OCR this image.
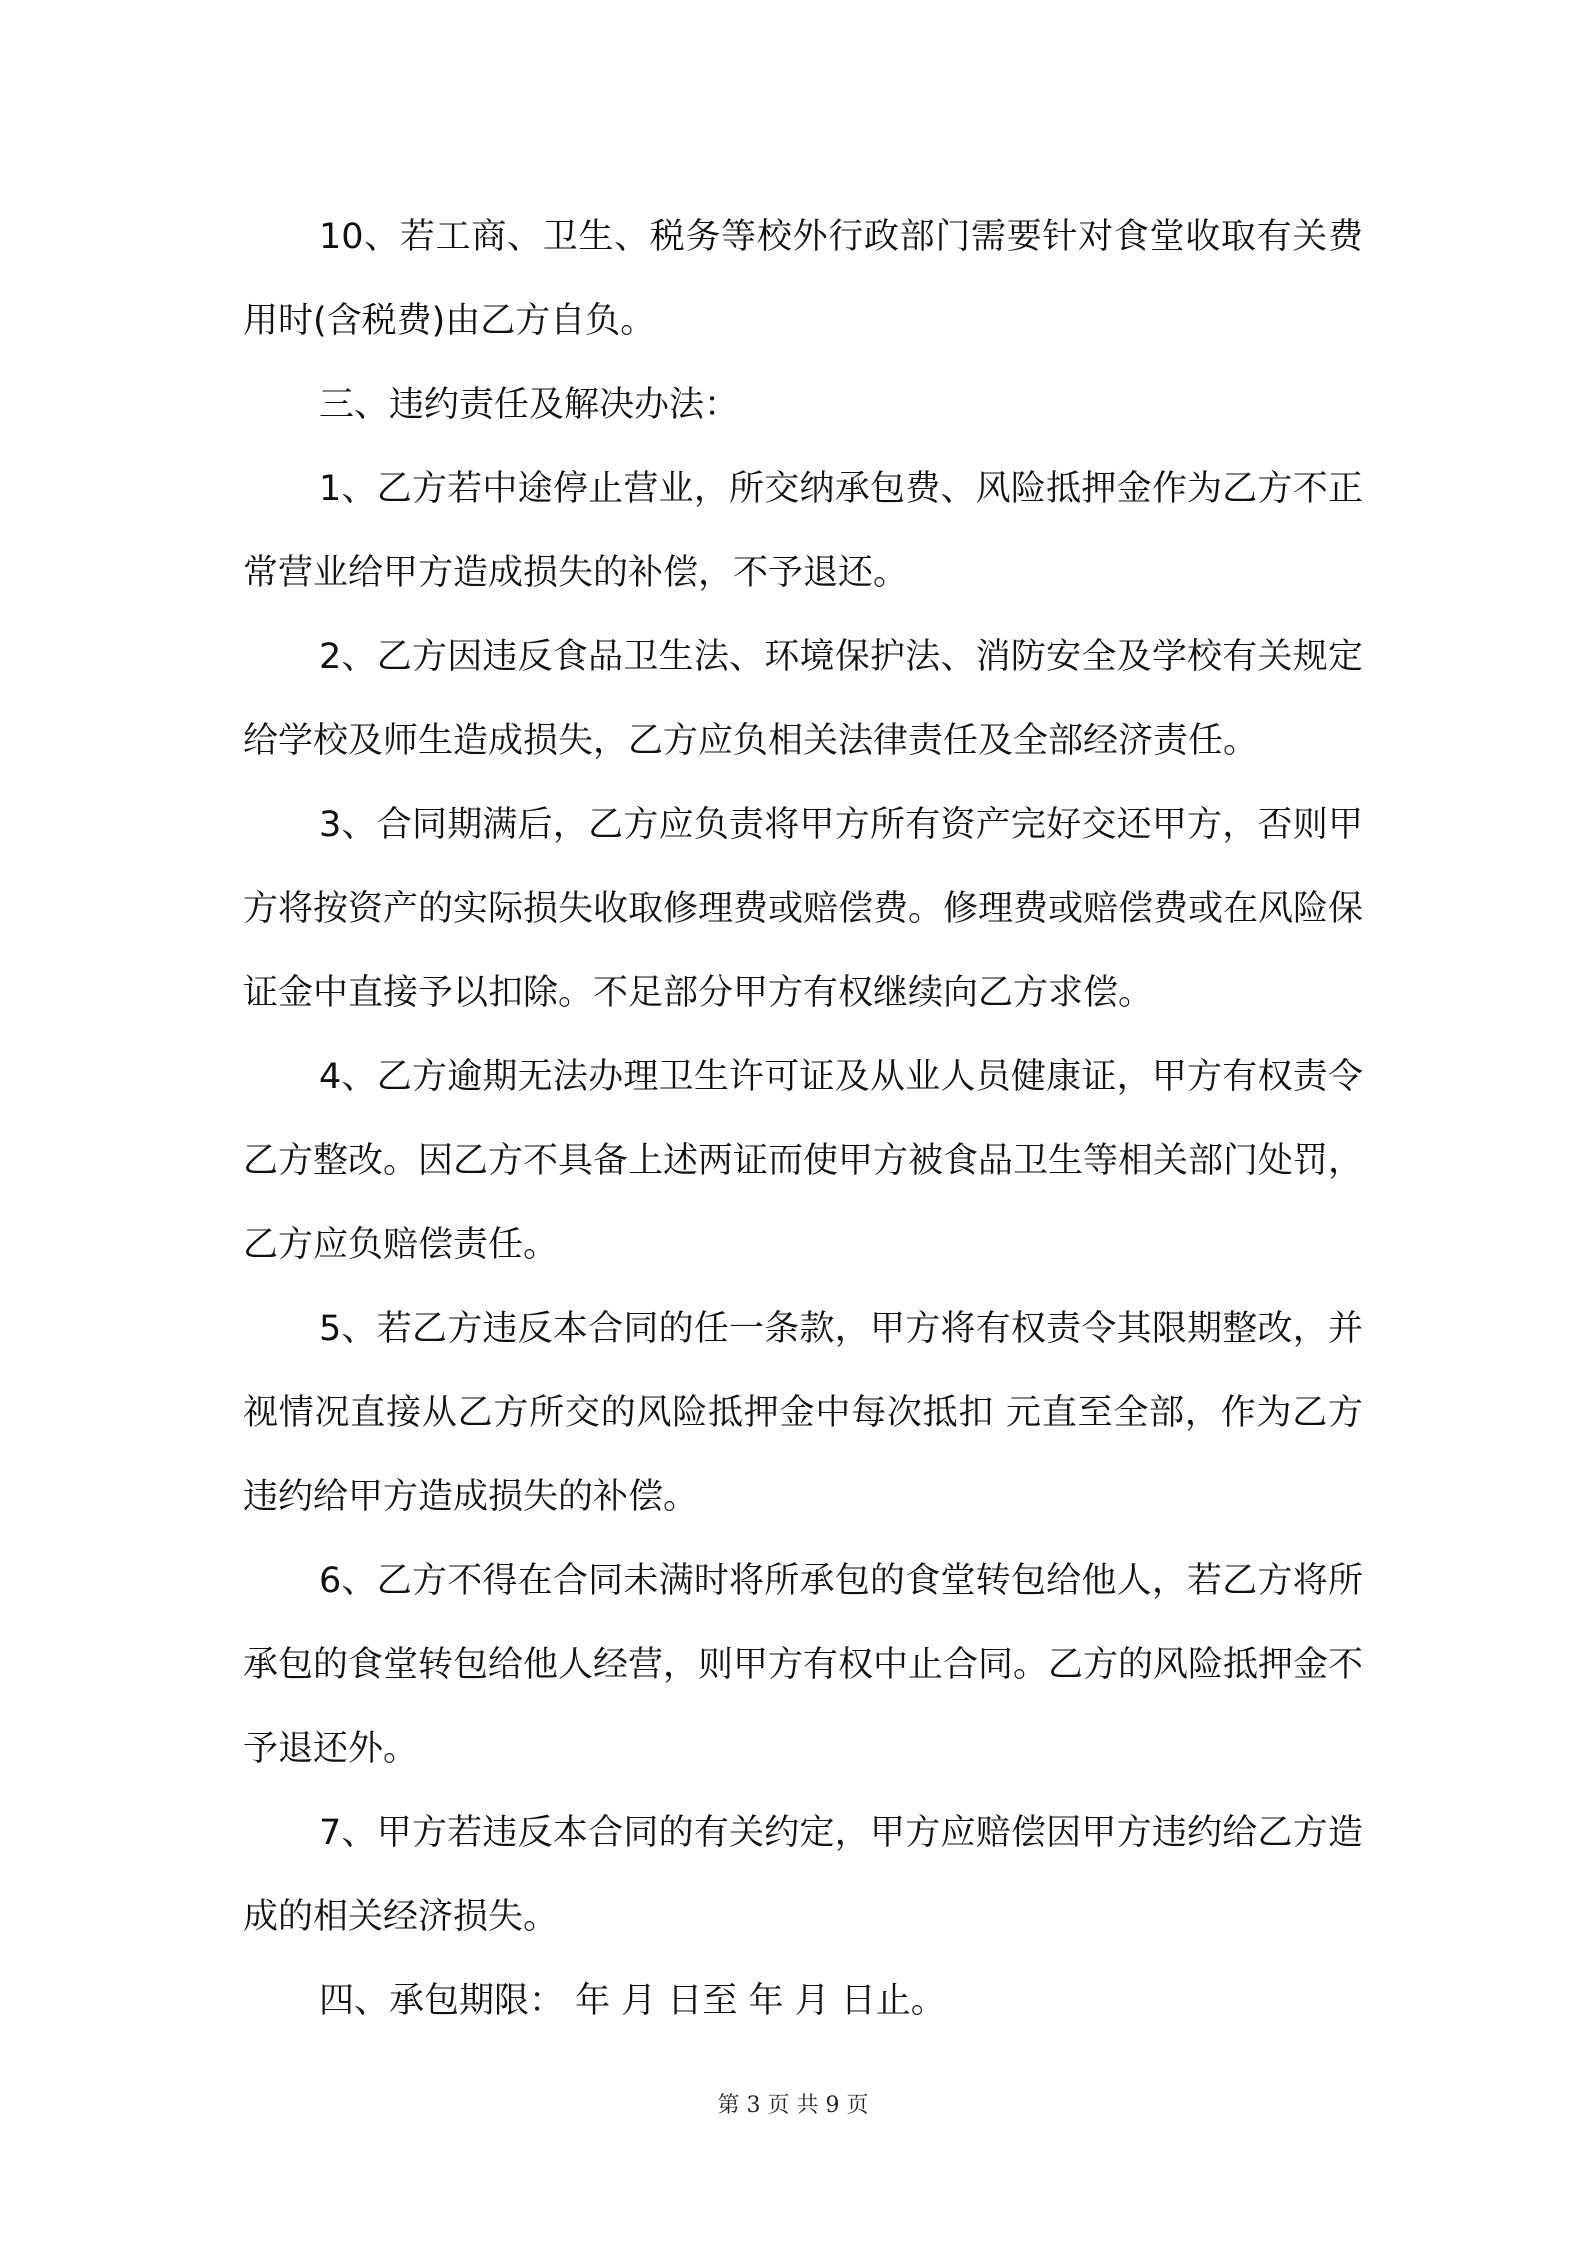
10、若工商、卫生、税务等校外行政部门需要针对食堂收取有关费用时(含税费)由乙方自负。

三、违约责任及解决办法：

1、乙方若中途停止营业，所交纳承包费、风险抵押金作为乙方不正常营业给甲方造成损失的补偿，不予退还。

2、乙方因违反食品卫生法、环境保护法、消防安全及学校有关规定给学校及师生造成损失，乙方应负相关法律责任及全部经济责任。

3、合同期满后，乙方应负责将甲方所有资产完好交还甲方，否则甲方将按资产的实际损失收取修理费或赔偿费。修理费或赔偿费或在风险保证金中直接予以扣除。不足部分甲方有权继续向乙方求偿。

4、乙方逾期无法办理卫生许可证及从业人员健康证，甲方有权责令乙方整改。因乙方不具备上述两证而使甲方被食品卫生等相关部门处罚，乙方应负赔偿责任。

5、若乙方违反本合同的任一条款，甲方将有权责令其限期整改，并视情况直接从乙方所交的风险抵押金中每次抵扣 元直至全部，作为乙方违约给甲方造成损失的补偿。

6、乙方不得在合同未满时将所承包的食堂转包给他人，若乙方将所承包的食堂转包给他人经营，则甲方有权中止合同。乙方的风险抵押金不予退还外。

7、甲方若违反本合同的有关约定，甲方应赔偿因甲方违约给乙方造成的相关经济损失。

四、承包期限： 年 月 日至 年 月 日止。

第 3 页 共 9 页
